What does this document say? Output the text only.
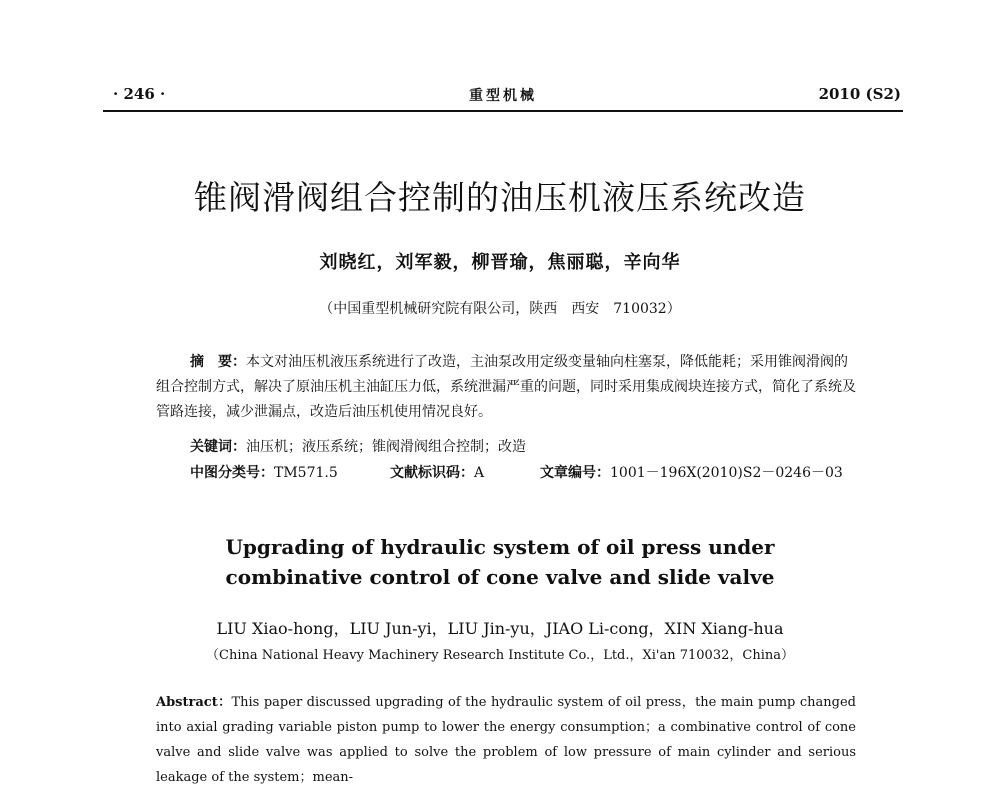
· 246 ·	重型机械	2010 (S2)
锥阀滑阀组合控制的油压机液压系统改造
刘晓红，刘军毅，柳晋瑜，焦丽聪，辛向华
（中国重型机械研究院有限公司，陕西　西安　710032）

摘　要：本文对油压机液压系统进行了改造，主油泵改用定级变量轴向柱塞泵，降低能耗；采用锥阀滑阀的组合控制方式，解决了原油压机主油缸压力低，系统泄漏严重的问题，同时采用集成阀块连接方式，简化了系统及管路连接，减少泄漏点，改造后油压机使用情况良好。

关键词：油压机；液压系统；锥阀滑阀组合控制；改造
中图分类号：TM571.5	文献标识码：A	文章编号：1001－196X(2010)S2－0246－03
Upgrading of hydraulic system of oil press under
combinative control of cone valve and slide valve
LIU Xiao-hong，LIU Jun-yi，LIU Jin-yu，JIAO Li-cong，XIN Xiang-hua
（China National Heavy Machinery Research Institute Co.，Ltd.，Xi'an 710032，China）

Abstract：This paper discussed upgrading of the hydraulic system of oil press，the main pump changed into axial grading variable piston pump to lower the energy consumption；a combinative control of cone valve and slide valve was applied to solve the problem of low pressure of main cylinder and serious leakage of the system；mean-
